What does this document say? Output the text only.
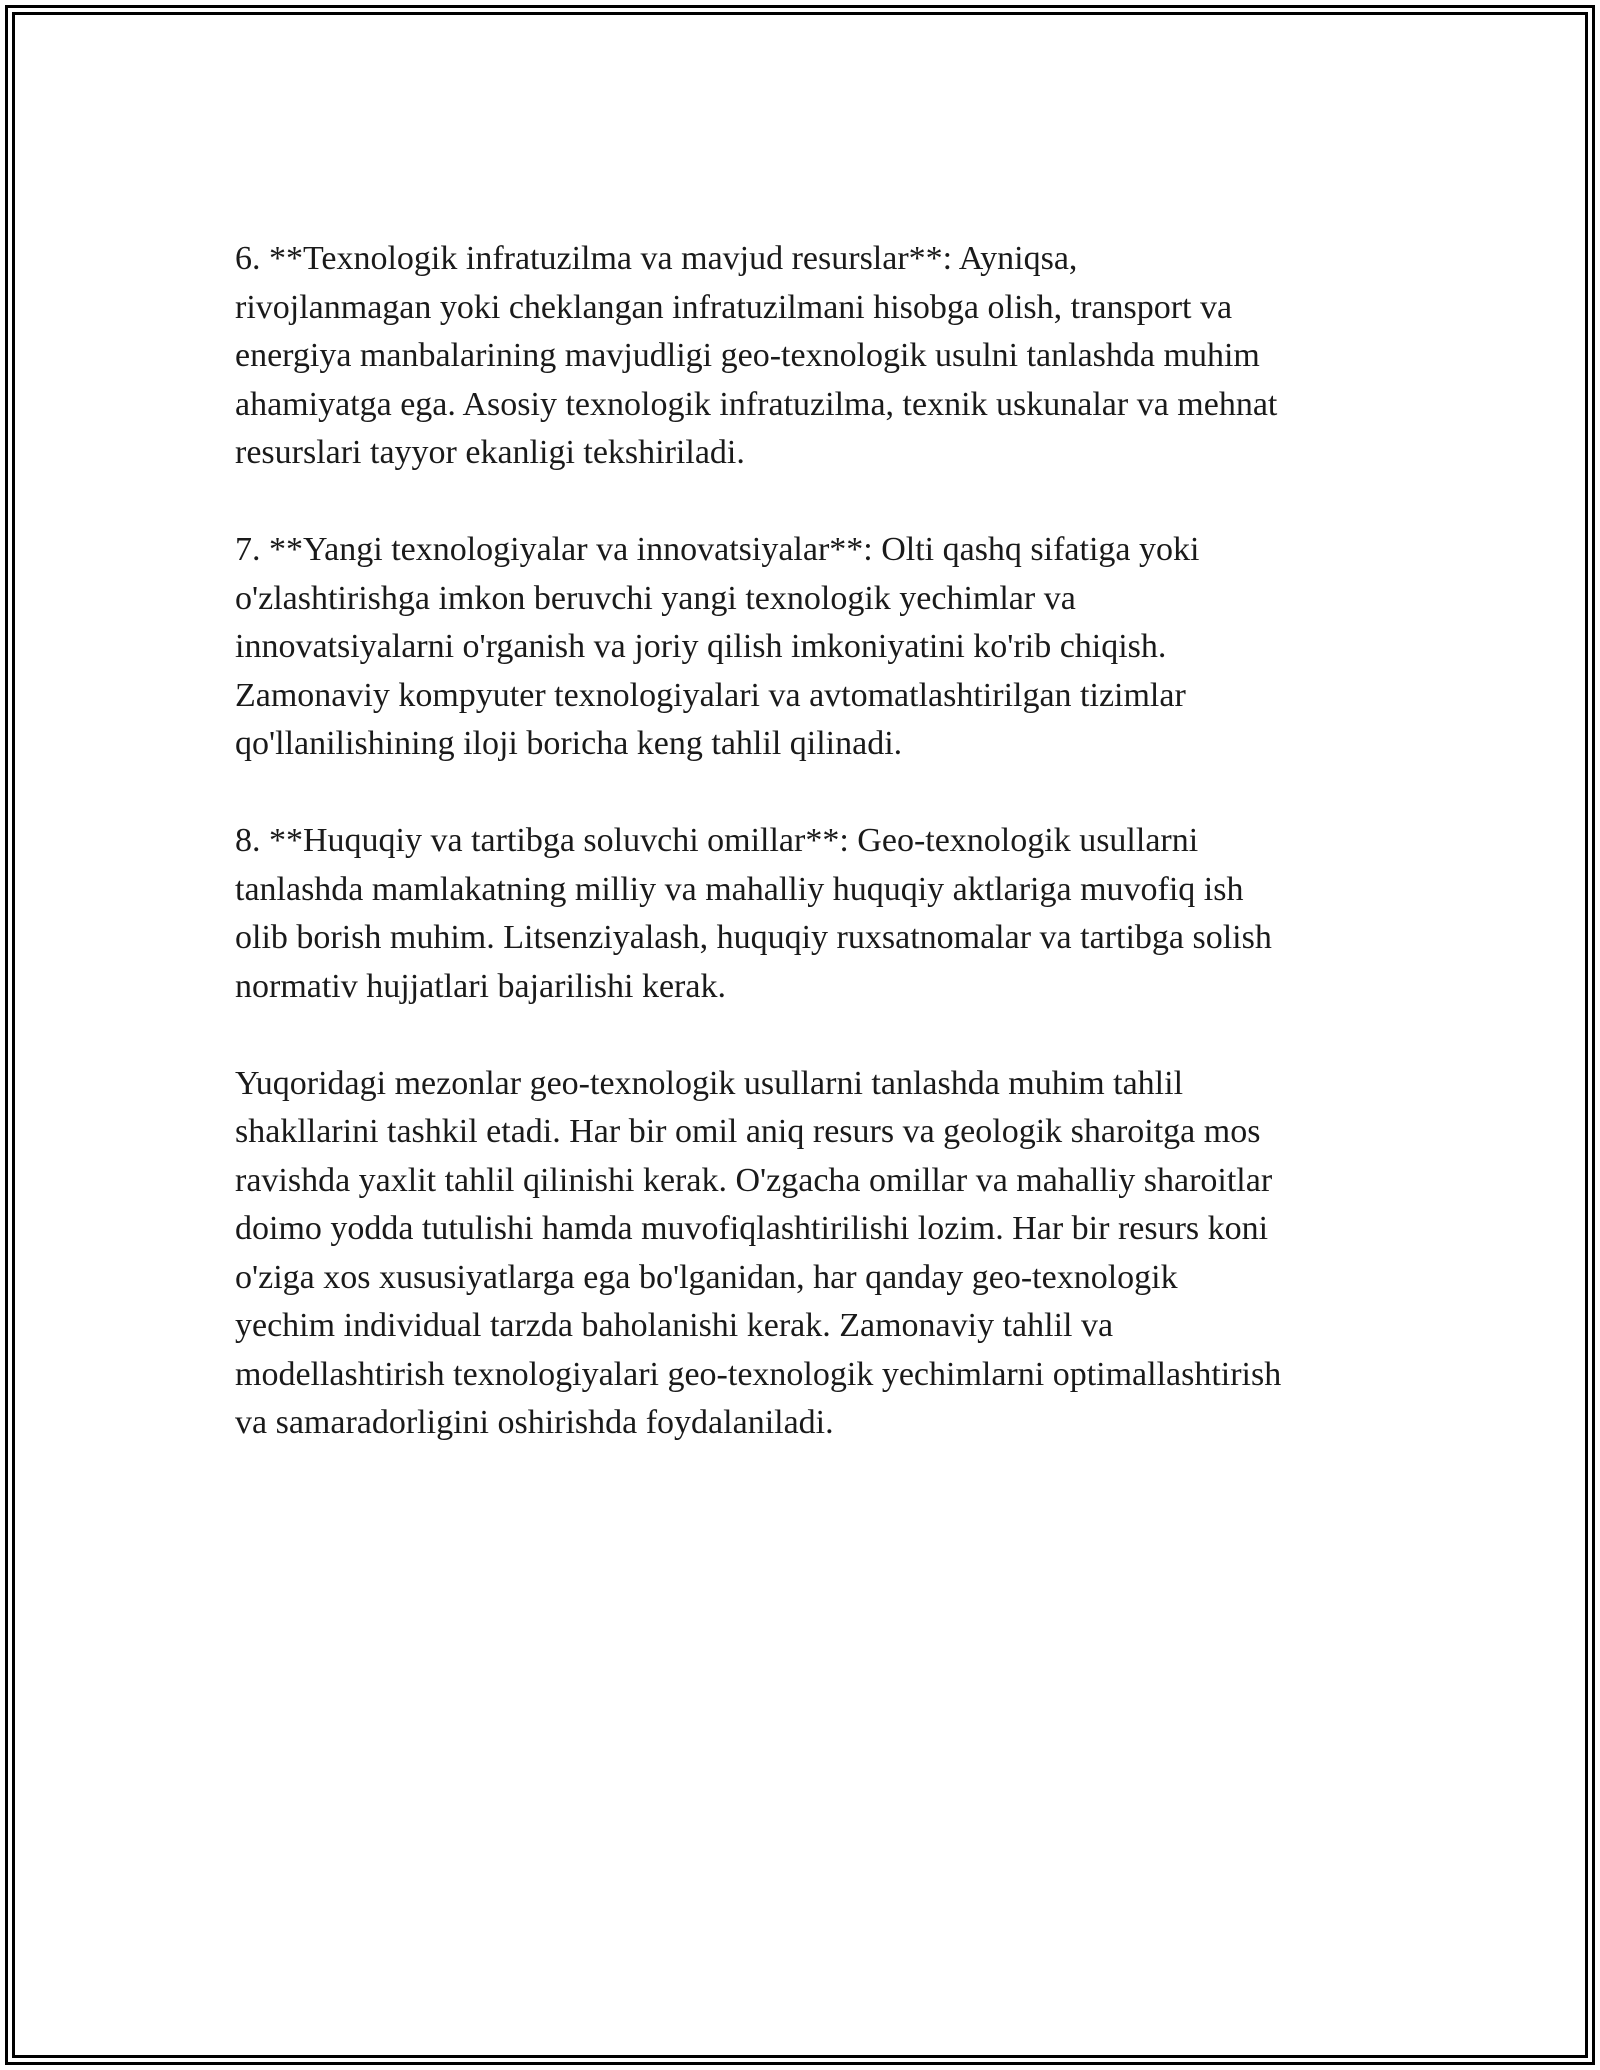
6. **Texnologik infratuzilma va mavjud resurslar**: Ayniqsa,
rivojlanmagan yoki cheklangan infratuzilmani hisobga olish, transport va
energiya manbalarining mavjudligi geo-texnologik usulni tanlashda muhim
ahamiyatga ega. Asosiy texnologik infratuzilma, texnik uskunalar va mehnat
resurslari tayyor ekanligi tekshiriladi.

7. **Yangi texnologiyalar va innovatsiyalar**: Olti qashq sifatiga yoki
o'zlashtirishga imkon beruvchi yangi texnologik yechimlar va
innovatsiyalarni o'rganish va joriy qilish imkoniyatini ko'rib chiqish.
Zamonaviy kompyuter texnologiyalari va avtomatlashtirilgan tizimlar
qo'llanilishining iloji boricha keng tahlil qilinadi.

8. **Huquqiy va tartibga soluvchi omillar**: Geo-texnologik usullarni
tanlashda mamlakatning milliy va mahalliy huquqiy aktlariga muvofiq ish
olib borish muhim. Litsenziyalash, huquqiy ruxsatnomalar va tartibga solish
normativ hujjatlari bajarilishi kerak.

Yuqoridagi mezonlar geo-texnologik usullarni tanlashda muhim tahlil
shakllarini tashkil etadi. Har bir omil aniq resurs va geologik sharoitga mos
ravishda yaxlit tahlil qilinishi kerak. O'zgacha omillar va mahalliy sharoitlar
doimo yodda tutulishi hamda muvofiqlashtirilishi lozim. Har bir resurs koni
o'ziga xos xususiyatlarga ega bo'lganidan, har qanday geo-texnologik
yechim individual tarzda baholanishi kerak. Zamonaviy tahlil va
modellashtirish texnologiyalari geo-texnologik yechimlarni optimallashtirish
va samaradorligini oshirishda foydalaniladi.
